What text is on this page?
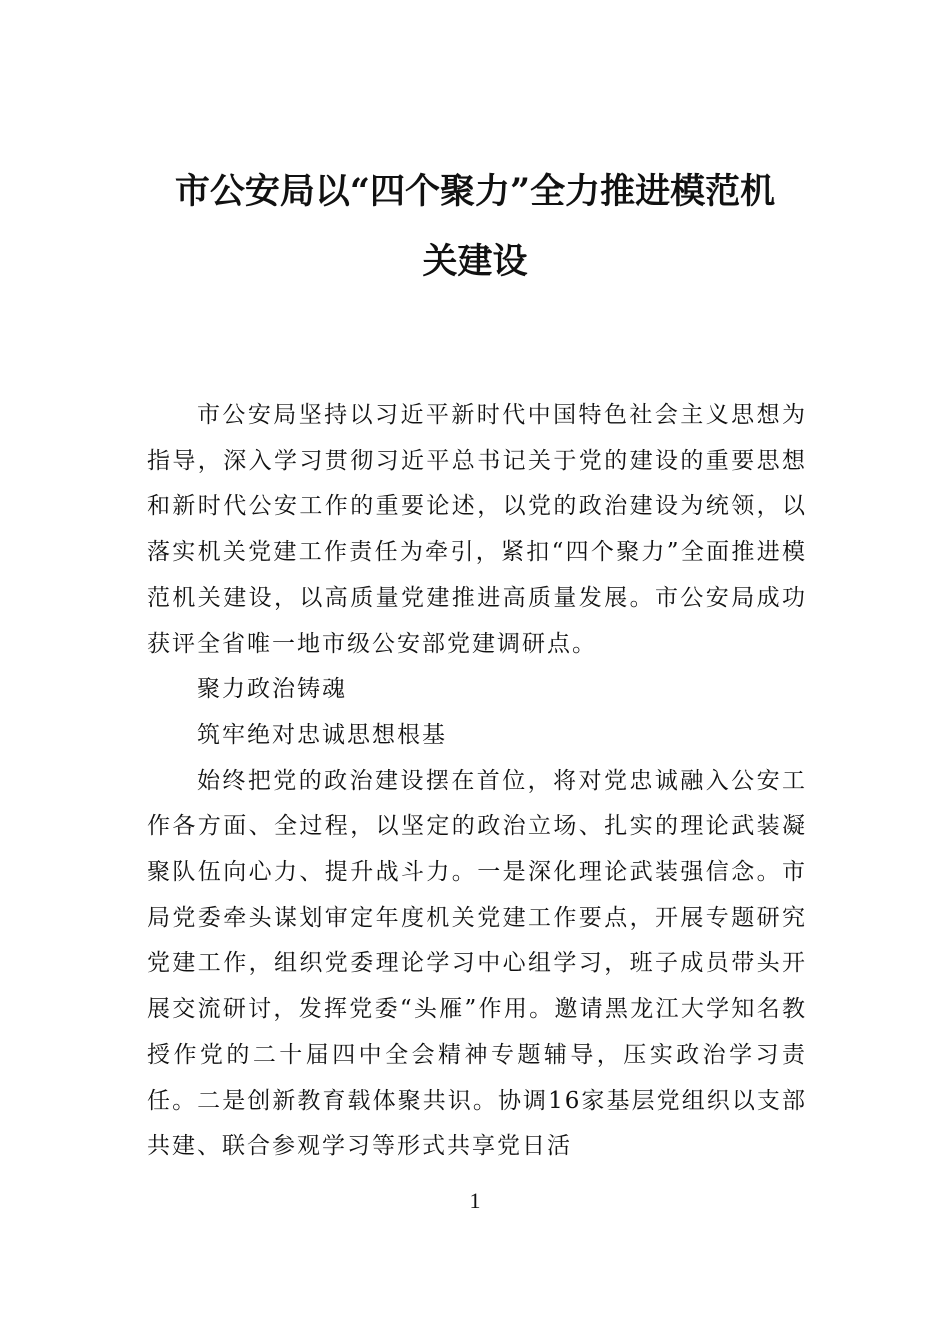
市公安局以“四个聚力”全力推进模范机
关建设

市公安局坚持以习近平新时代中国特色社会主义思想为指导，深入学习贯彻习近平总书记关于党的建设的重要思想和新时代公安工作的重要论述，以党的政治建设为统领，以落实机关党建工作责任为牵引，紧扣“四个聚力”全面推进模范机关建设，以高质量党建推进高质量发展。市公安局成功获评全省唯一地市级公安部党建调研点。

聚力政治铸魂

筑牢绝对忠诚思想根基

始终把党的政治建设摆在首位，将对党忠诚融入公安工作各方面、全过程，以坚定的政治立场、扎实的理论武装凝聚队伍向心力、提升战斗力。一是深化理论武装强信念。市局党委牵头谋划审定年度机关党建工作要点，开展专题研究党建工作，组织党委理论学习中心组学习，班子成员带头开展交流研讨，发挥党委“头雁”作用。邀请黑龙江大学知名教授作党的二十届四中全会精神专题辅导，压实政治学习责任。二是创新教育载体聚共识。协调16家基层党组织以支部共建、联合参观学习等形式共享党日活

1
